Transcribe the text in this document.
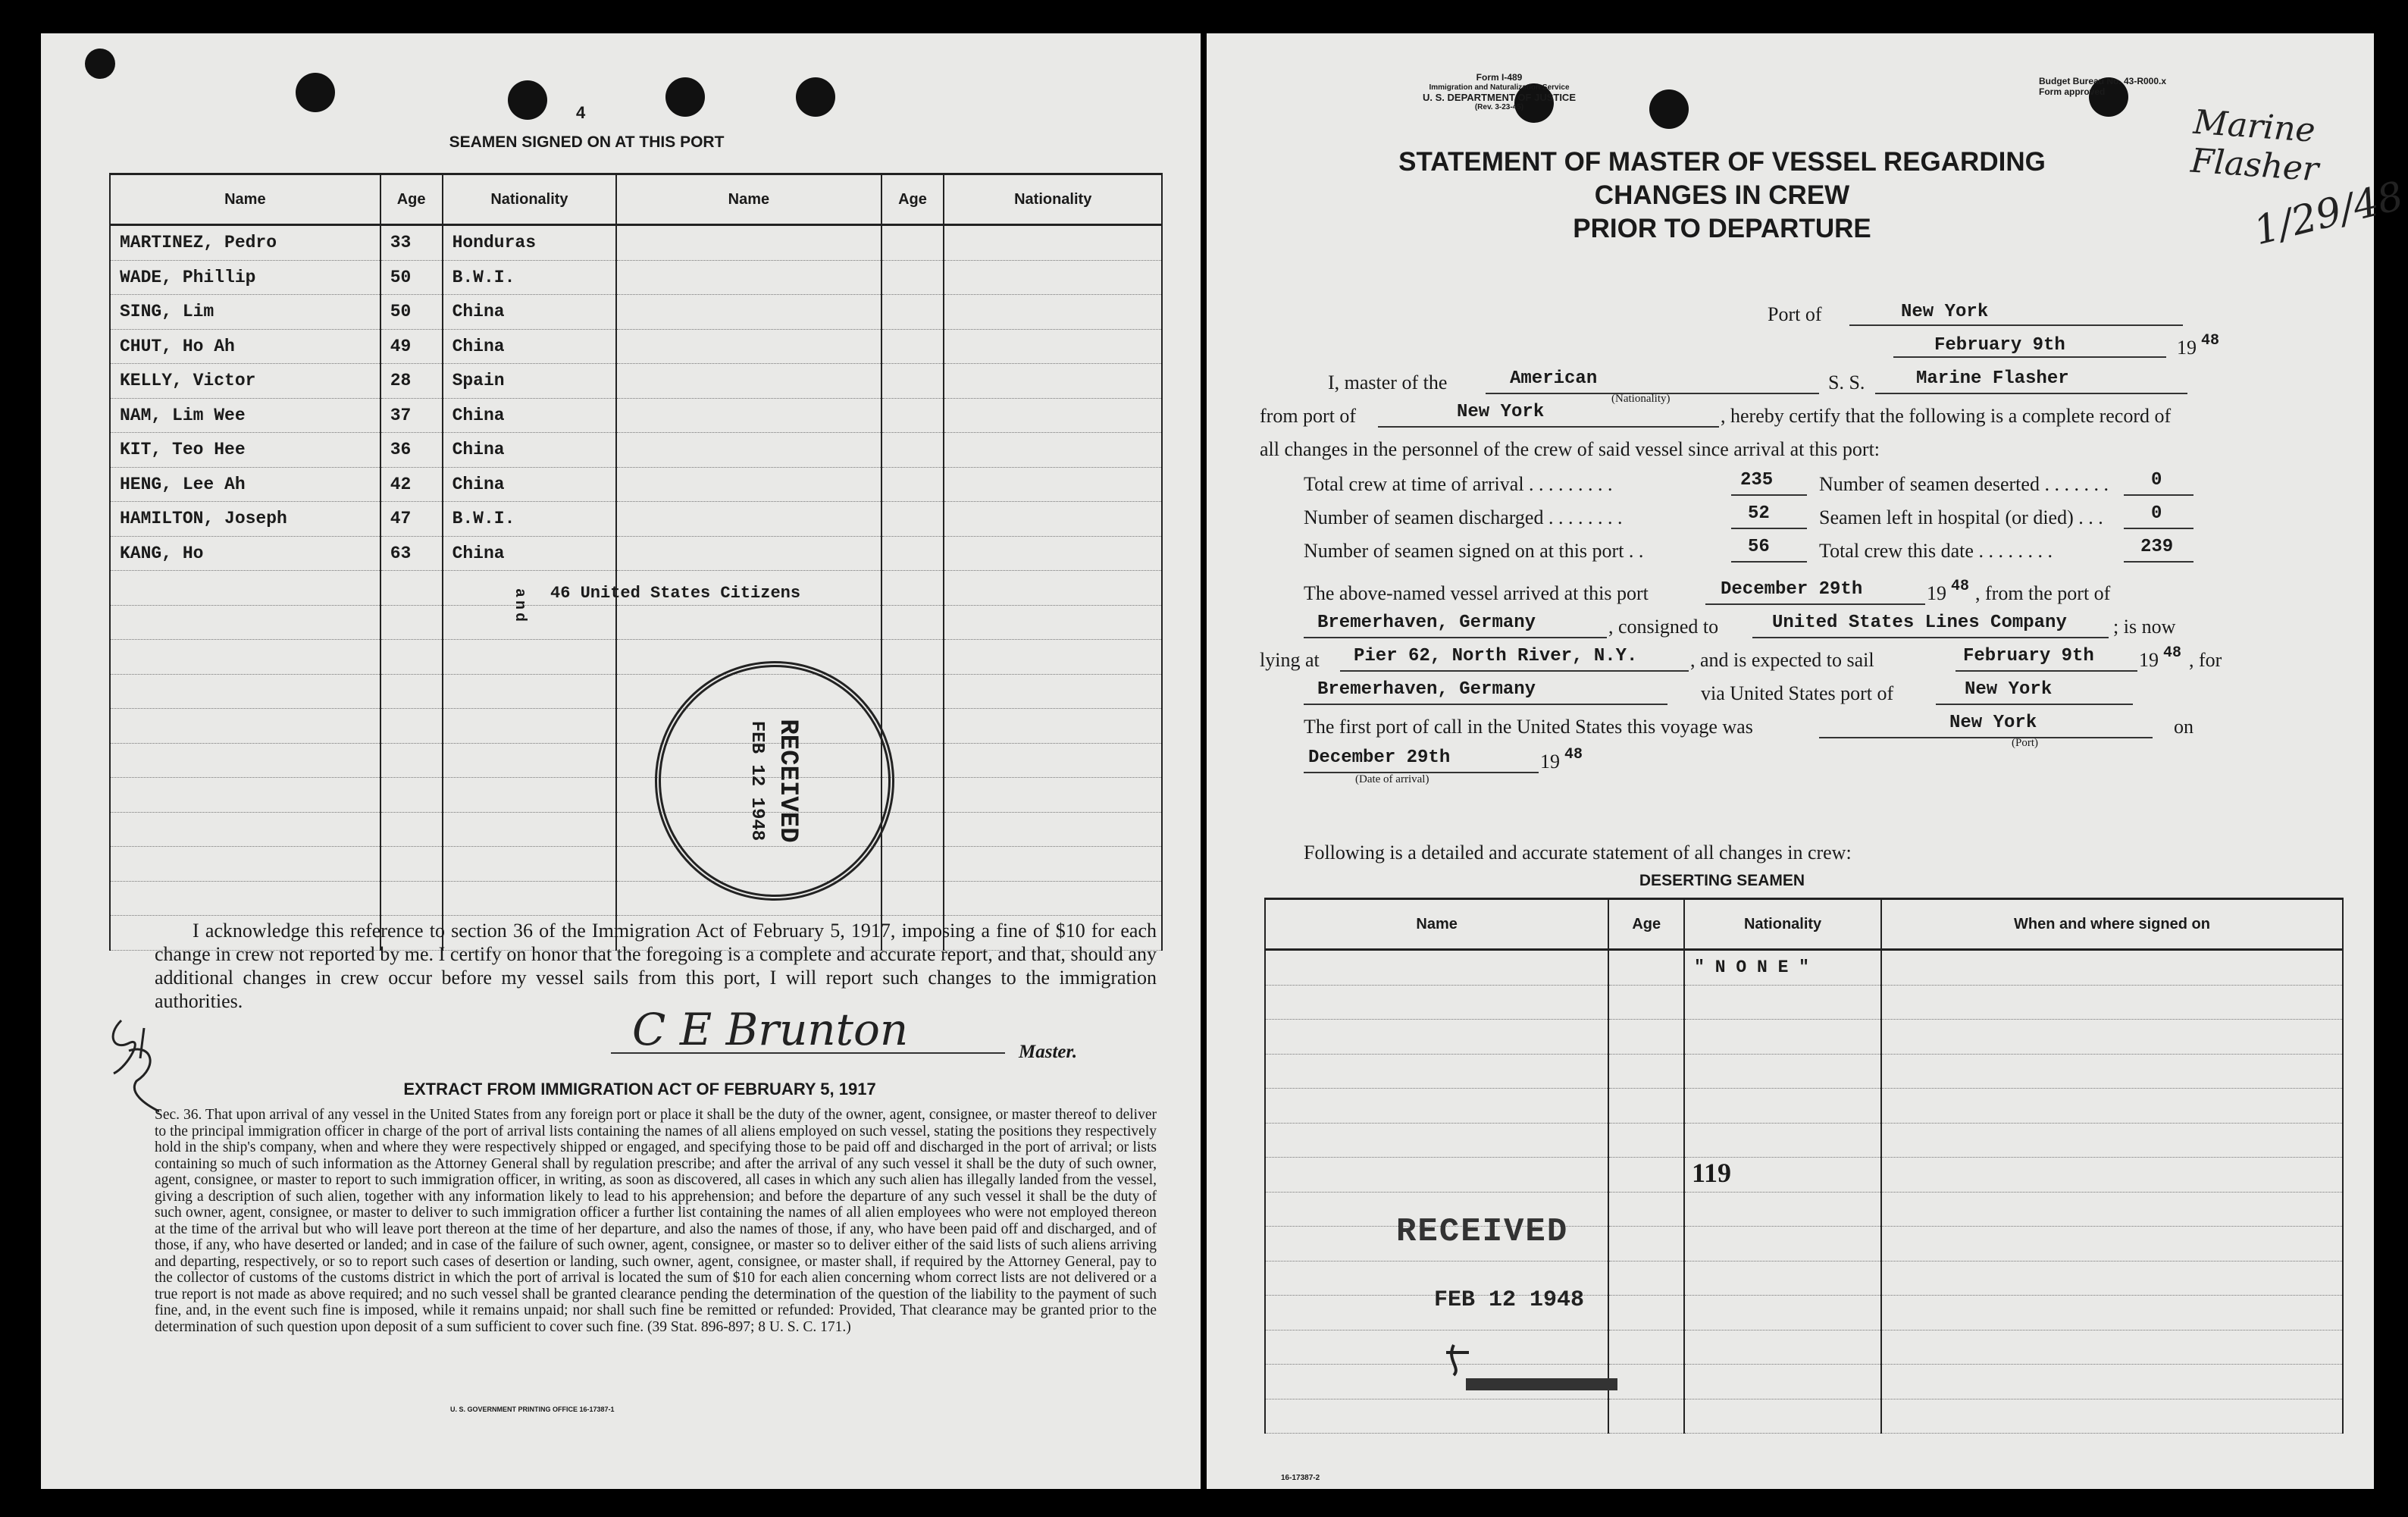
4
SEAMEN SIGNED ON AT THIS PORT
Name	Age	Nationality	Name	Age	Nationality
MARTINEZ, Pedro	33	Honduras			
WADE, Phillip	50	B.W.I.			
SING, Lim	50	China			
CHUT, Ho Ah	49	China			
KELLY, Victor	28	Spain			
NAM, Lim Wee	37	China			
KIT, Teo Hee	36	China			
HENG, Lee Ah	42	China			
HAMILTON, Joseph	47	B.W.I.			
KANG, Ho	63	China			

and 46 United States Citizens
RECEIVED
FEB 12 1948
I acknowledge this reference to section 36 of the Immigration Act of February 5, 1917, imposing a fine of $10 for each change in crew not reported by me. I certify on honor that the foregoing is a complete and accurate report, and that, should any additional changes in crew occur before my vessel sails from this port, I will report such changes to the immigration authorities.
C E Brunton	Master.
EXTRACT FROM IMMIGRATION ACT OF FEBRUARY 5, 1917
Sec. 36. That upon arrival of any vessel in the United States from any foreign port or place it shall be the duty of the owner, agent, consignee, or master thereof to deliver to the principal immigration officer in charge of the port of arrival lists containing the names of all aliens employed on such vessel, stating the positions they respectively hold in the ship's company, when and where they were respectively shipped or engaged, and specifying those to be paid off and discharged in the port of arrival; or lists containing so much of such information as the Attorney General shall by regulation prescribe; and after the arrival of any such vessel it shall be the duty of such owner, agent, consignee, or master to report to such immigration officer, in writing, as soon as discovered, all cases in which any such alien has illegally landed from the vessel, giving a description of such alien, together with any information likely to lead to his apprehension; and before the departure of any such vessel it shall be the duty of such owner, agent, consignee, or master to deliver to such immigration officer a further list containing the names of all alien employees who were not employed thereon at the time of the arrival but who will leave port thereon at the time of her departure, and also the names of those, if any, who have been paid off and discharged, and of those, if any, who have deserted or landed; and in case of the failure of such owner, agent, consignee, or master so to deliver either of the said lists of such aliens arriving and departing, respectively, or so to report such cases of desertion or landing, such owner, agent, consignee, or master shall, if required by the Attorney General, pay to the collector of customs of the customs district in which the port of arrival is located the sum of $10 for each alien concerning whom correct lists are not delivered or a true report is not made as above required; and no such vessel shall be granted clearance pending the determination of the question of the liability to the payment of such fine, and, in the event such fine is imposed, while it remains unpaid; nor shall such fine be remitted or refunded: Provided, That clearance may be granted prior to the determination of such question upon deposit of a sum sufficient to cover such fine. (39 Stat. 896-897; 8 U. S. C. 171.)
U. S. GOVERNMENT PRINTING OFFICE 16-17387-1
Form I-489
Immigration and Naturalization Service
U. S. DEPARTMENT OF JUSTICE
(Rev. 3-23-45)
Budget Bureau No. 43-R000.x
Form approved
Marine Flasher
1/29/48
STATEMENT OF MASTER OF VESSEL REGARDING CHANGES IN CREW
PRIOR TO DEPARTURE
Port of	New York
February 9th	19 48
I, master of the	American
(Nationality)
S. S.	Marine Flasher
from port of	New York	, hereby certify that the following is a complete record of
all changes in the personnel of the crew of said vessel since arrival at this port:
Total crew at time of arrival . . . . . . . . .	235 Number of seamen deserted . . . . . . . 0
Number of seamen discharged . . . . . . . .	52	Seamen left in hospital (or died) . . .	0
Number of seamen signed on at this port . .	56	Total crew this date . . . . . . . .	239
The above-named vessel arrived at this port	December 29th	19 48 , from the port of
Bremerhaven, Germany	, consigned to	United States Lines Company ; is now
lying at Pier 62, North River, N.Y.	, and is expected to sail	February 9th 19 48 , for
Bremerhaven, Germany	via United States port of	New York
The first port of call in the United States this voyage was	New York
(Port)
on
December 29th
(Date of arrival)
19 48
Following is a detailed and accurate statement of all changes in crew:
DESERTING SEAMEN
Name	Age	Nationality	When and where signed on
		" N O N E "	

119
RECEIVED
FEB 12 1948
16-17387-2
